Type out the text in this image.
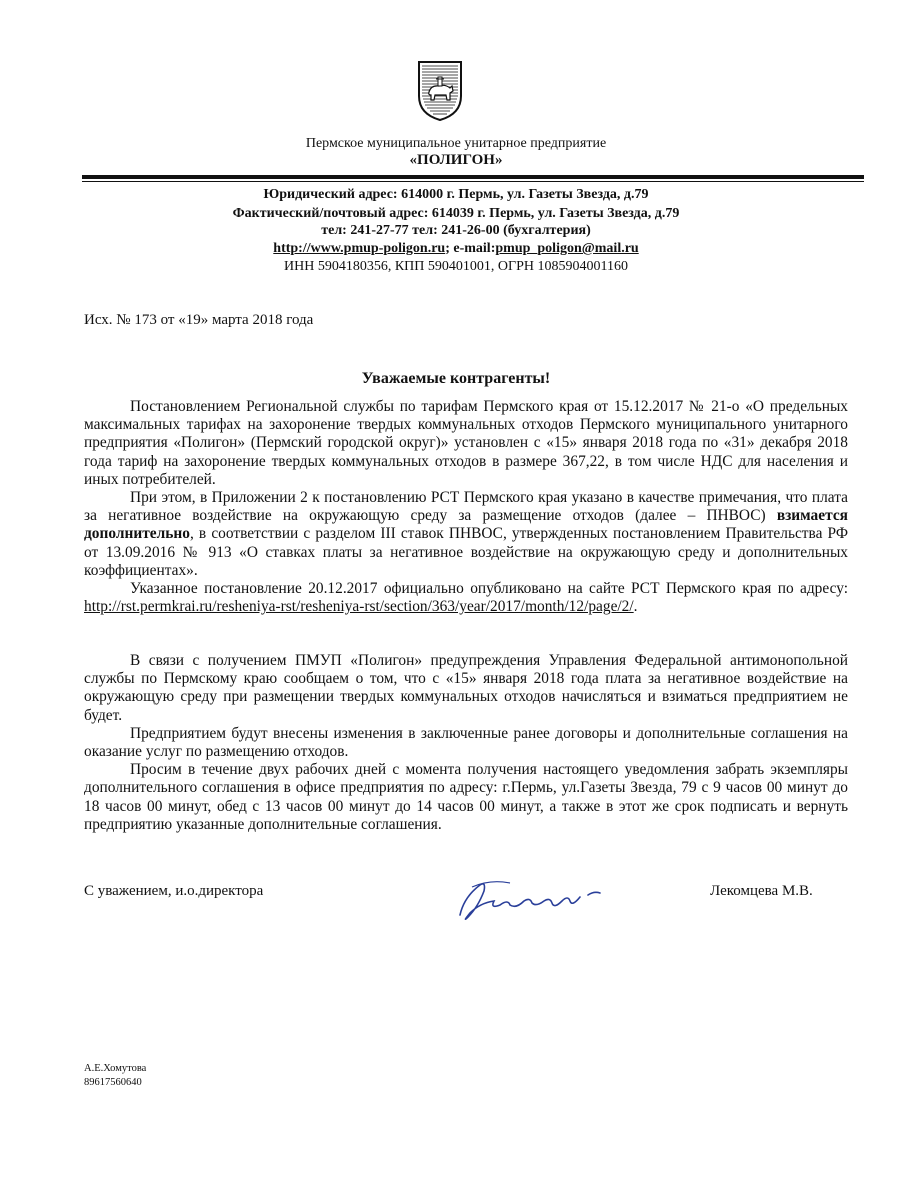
Пермское муниципальное унитарное предприятие
«ПОЛИГОН»
Юридический адрес: 614000 г. Пермь, ул. Газеты Звезда, д.79
Фактический/почтовый адрес: 614039 г. Пермь, ул. Газеты Звезда, д.79
тел: 241-27-77 тел: 241-26-00 (бухгалтерия)
http://www.pmup-poligon.ru; e-mail:pmup_poligon@mail.ru
ИНН 5904180356, КПП 590401001, ОГРН 1085904001160
Исх. № 173 от «19» марта 2018 года
Уважаемые контрагенты!

Постановлением Региональной службы по тарифам Пермского края от 15.12.2017 № 21-о «О предельных максимальных тарифах на захоронение твердых коммунальных отходов Пермского муниципального унитарного предприятия «Полигон» (Пермский городской округ)» установлен с «15» января 2018 года по «31» декабря 2018 года тариф на захоронение твердых коммунальных отходов в размере 367,22, в том числе НДС для населения и иных потребителей.

При этом, в Приложении 2 к постановлению РСТ Пермского края указано в качестве примечания, что плата за негативное воздействие на окружающую среду за размещение отходов (далее – ПНВОС) взимается дополнительно, в соответствии с разделом III ставок ПНВОС, утвержденных постановлением Правительства РФ от 13.09.2016 № 913 «О ставках платы за негативное воздействие на окружающую среду и дополнительных коэффициентах».

Указанное постановление 20.12.2017 официально опубликовано на сайте РСТ Пермского края по адресу: http://rst.permkrai.ru/resheniya-rst/resheniya-rst/section/363/year/2017/month/12/page/2/.

В связи с получением ПМУП «Полигон» предупреждения Управления Федеральной антимонопольной службы по Пермскому краю сообщаем о том, что с «15» января 2018 года плата за негативное воздействие на окружающую среду при размещении твердых коммунальных отходов начисляться и взиматься предприятием не будет.

Предприятием будут внесены изменения в заключенные ранее договоры и дополнительные соглашения на оказание услуг по размещению отходов.

Просим в течение двух рабочих дней с момента получения настоящего уведомления забрать экземпляры дополнительного соглашения в офисе предприятия по адресу: г.Пермь, ул.Газеты Звезда, 79 с 9 часов 00 минут до 18 часов 00 минут, обед с 13 часов 00 минут до 14 часов 00 минут, а также в этот же срок подписать и вернуть предприятию указанные дополнительные соглашения.

С уважением, и.о.директора	Лекомцева М.В.
А.Е.Хомутова
89617560640
